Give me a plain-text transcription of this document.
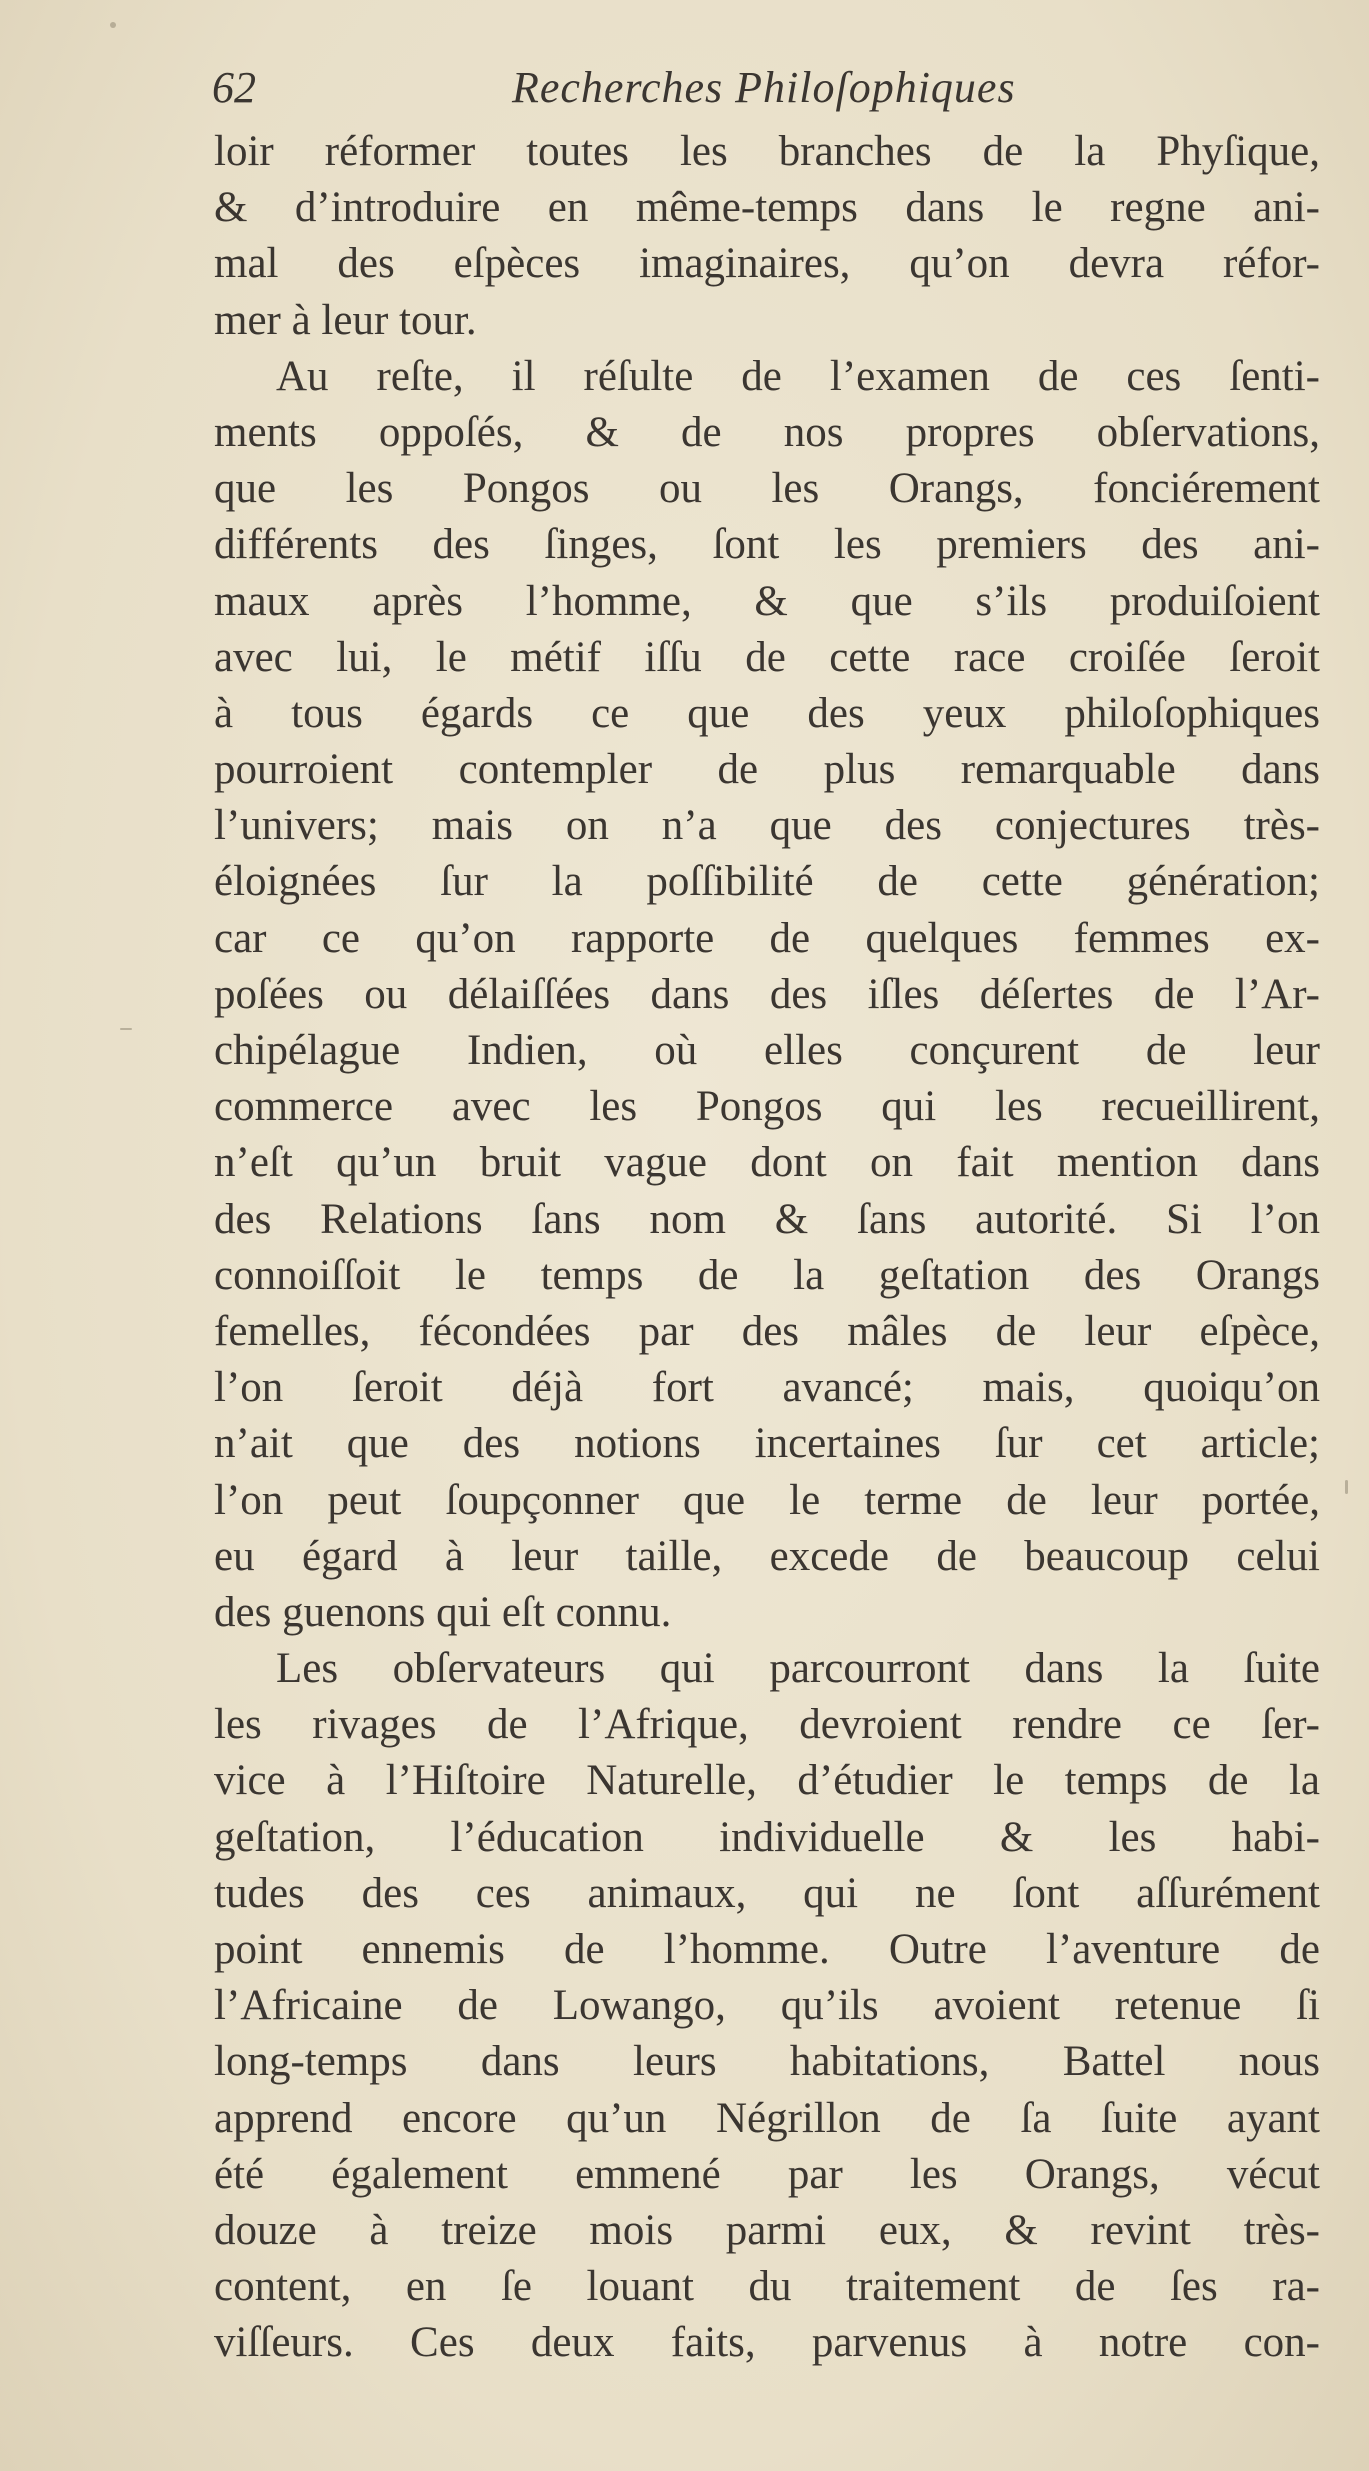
62	Recherches Philoſophiques
loir réformer toutes les branches de la Phyſique,
& d’introduire en même-temps dans le regne ani-
mal des eſpèces imaginaires, qu’on devra réfor-
mer à leur tour.
Au reſte, il réſulte de l’examen de ces ſenti-
ments oppoſés, & de nos propres obſervations,
que les Pongos ou les Orangs, fonciérement
différents des ſinges, ſont les premiers des ani-
maux après l’homme, & que s’ils produiſoient
avec lui, le métif iſſu de cette race croiſée ſeroit
à tous égards ce que des yeux philoſophiques
pourroient contempler de plus remarquable dans
l’univers; mais on n’a que des conjectures très-
éloignées ſur la poſſibilité de cette génération;
car ce qu’on rapporte de quelques femmes ex-
poſées ou délaiſſées dans des iſles déſertes de l’Ar-
chipélague Indien, où elles conçurent de leur
commerce avec les Pongos qui les recueillirent,
n’eſt qu’un bruit vague dont on fait mention dans
des Relations ſans nom & ſans autorité. Si l’on
connoiſſoit le temps de la geſtation des Orangs
femelles, fécondées par des mâles de leur eſpèce,
l’on ſeroit déjà fort avancé; mais, quoiqu’on
n’ait que des notions incertaines ſur cet article;
l’on peut ſoupçonner que le terme de leur portée,
eu égard à leur taille, excede de beaucoup celui
des guenons qui eſt connu.
Les obſervateurs qui parcourront dans la ſuite
les rivages de l’Afrique, devroient rendre ce ſer-
vice à l’Hiſtoire Naturelle, d’étudier le temps de la
geſtation, l’éducation individuelle & les habi-
tudes des ces animaux, qui ne ſont aſſurément
point ennemis de l’homme. Outre l’aventure de
l’Africaine de Lowango, qu’ils avoient retenue ſi
long-temps dans leurs habitations, Battel nous
apprend encore qu’un Négrillon de ſa ſuite ayant
été également emmené par les Orangs, vécut
douze à treize mois parmi eux, & revint très-
content, en ſe louant du traitement de ſes ra-
viſſeurs. Ces deux faits, parvenus à notre con-
